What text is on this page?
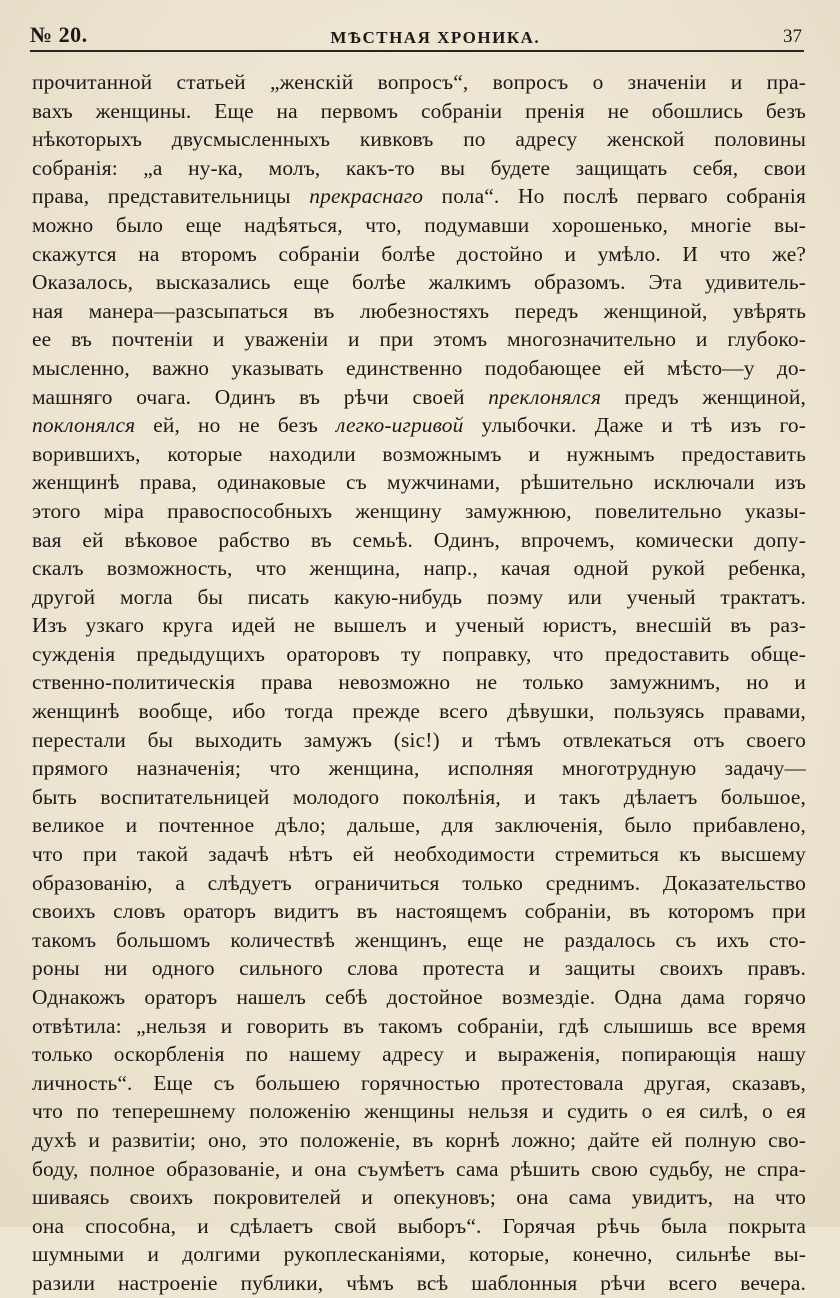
№ 20.	МѢСТНАЯ ХРОНИКА.	37
прочитанной статьей „женскій вопросъ“, вопросъ о значеніи и пра-
вахъ женщины. Еще на первомъ собраніи пренія не обошлись безъ
нѣкоторыхъ двусмысленныхъ кивковъ по адресу женской половины
собранія: „а ну-ка, молъ, какъ-то вы будете защищать себя, свои
права, представительницы прекраснаго пола“. Но послѣ перваго собранія
можно было еще надѣяться, что, подумавши хорошенько, многіе вы-
скажутся на второмъ собраніи болѣе достойно и умѣло. И что же?
Оказалось, высказались еще болѣе жалкимъ образомъ. Эта удивитель-
ная манера—разсыпаться въ любезностяхъ передъ женщиной, увѣрять
ее въ почтеніи и уваженіи и при этомъ многозначительно и глубоко-
мысленно, важно указывать единственно подобающее ей мѣсто—у до-
машняго очага. Одинъ въ рѣчи своей преклонялся предъ женщиной,
поклонялся ей, но не безъ легко-игривой улыбочки. Даже и тѣ изъ го-
ворившихъ, которые находили возможнымъ и нужнымъ предоставить
женщинѣ права, одинаковые съ мужчинами, рѣшительно исключали изъ
этого міра правоспособныхъ женщину замужнюю, повелительно указы-
вая ей вѣковое рабство въ семьѣ. Одинъ, впрочемъ, комически допу-
скалъ возможность, что женщина, напр., качая одной рукой ребенка,
другой могла бы писать какую-нибудь поэму или ученый трактатъ.
Изъ узкаго круга идей не вышелъ и ученый юристъ, внесшій въ раз-
сужденія предыдущихъ ораторовъ ту поправку, что предоставить обще-
ственно-политическія права невозможно не только замужнимъ, но и
женщинѣ вообще, ибо тогда прежде всего дѣвушки, пользуясь правами,
перестали бы выходить замужъ (sic!) и тѣмъ отвлекаться отъ своего
прямого назначенія; что женщина, исполняя многотрудную задачу—
быть воспитательницей молодого поколѣнія, и такъ дѣлаетъ большое,
великое и почтенное дѣло; дальше, для заключенія, было прибавлено,
что при такой задачѣ нѣтъ ей необходимости стремиться къ высшему
образованію, а слѣдуетъ ограничиться только среднимъ. Доказательство
своихъ словъ ораторъ видитъ въ настоящемъ собраніи, въ которомъ при
такомъ большомъ количествѣ женщинъ, еще не раздалось съ ихъ сто-
роны ни одного сильного слова протеста и защиты своихъ правъ.
Однакожъ ораторъ нашелъ себѣ достойное возмездіе. Одна дама горячо
отвѣтила: „нельзя и говорить въ такомъ собраніи, гдѣ слышишь все время
только оскорбленія по нашему адресу и выраженія, попирающія нашу
личность“. Еще съ большею горячностью протестовала другая, сказавъ,
что по теперешнему положенію женщины нельзя и судить о ея силѣ, о ея
духѣ и развитіи; оно, это положеніе, въ корнѣ ложно; дайте ей полную сво-
боду, полное образованіе, и она съумѣетъ сама рѣшить свою судьбу, не спра-
шиваясь своихъ покровителей и опекуновъ; она сама увидитъ, на что
она способна, и сдѣлаетъ свой выборъ“. Горячая рѣчь была покрыта
шумными и долгими рукоплесканіями, которые, конечно, сильнѣе вы-
разили настроеніе публики, чѣмъ всѣ шаблонныя рѣчи всего вечера.
